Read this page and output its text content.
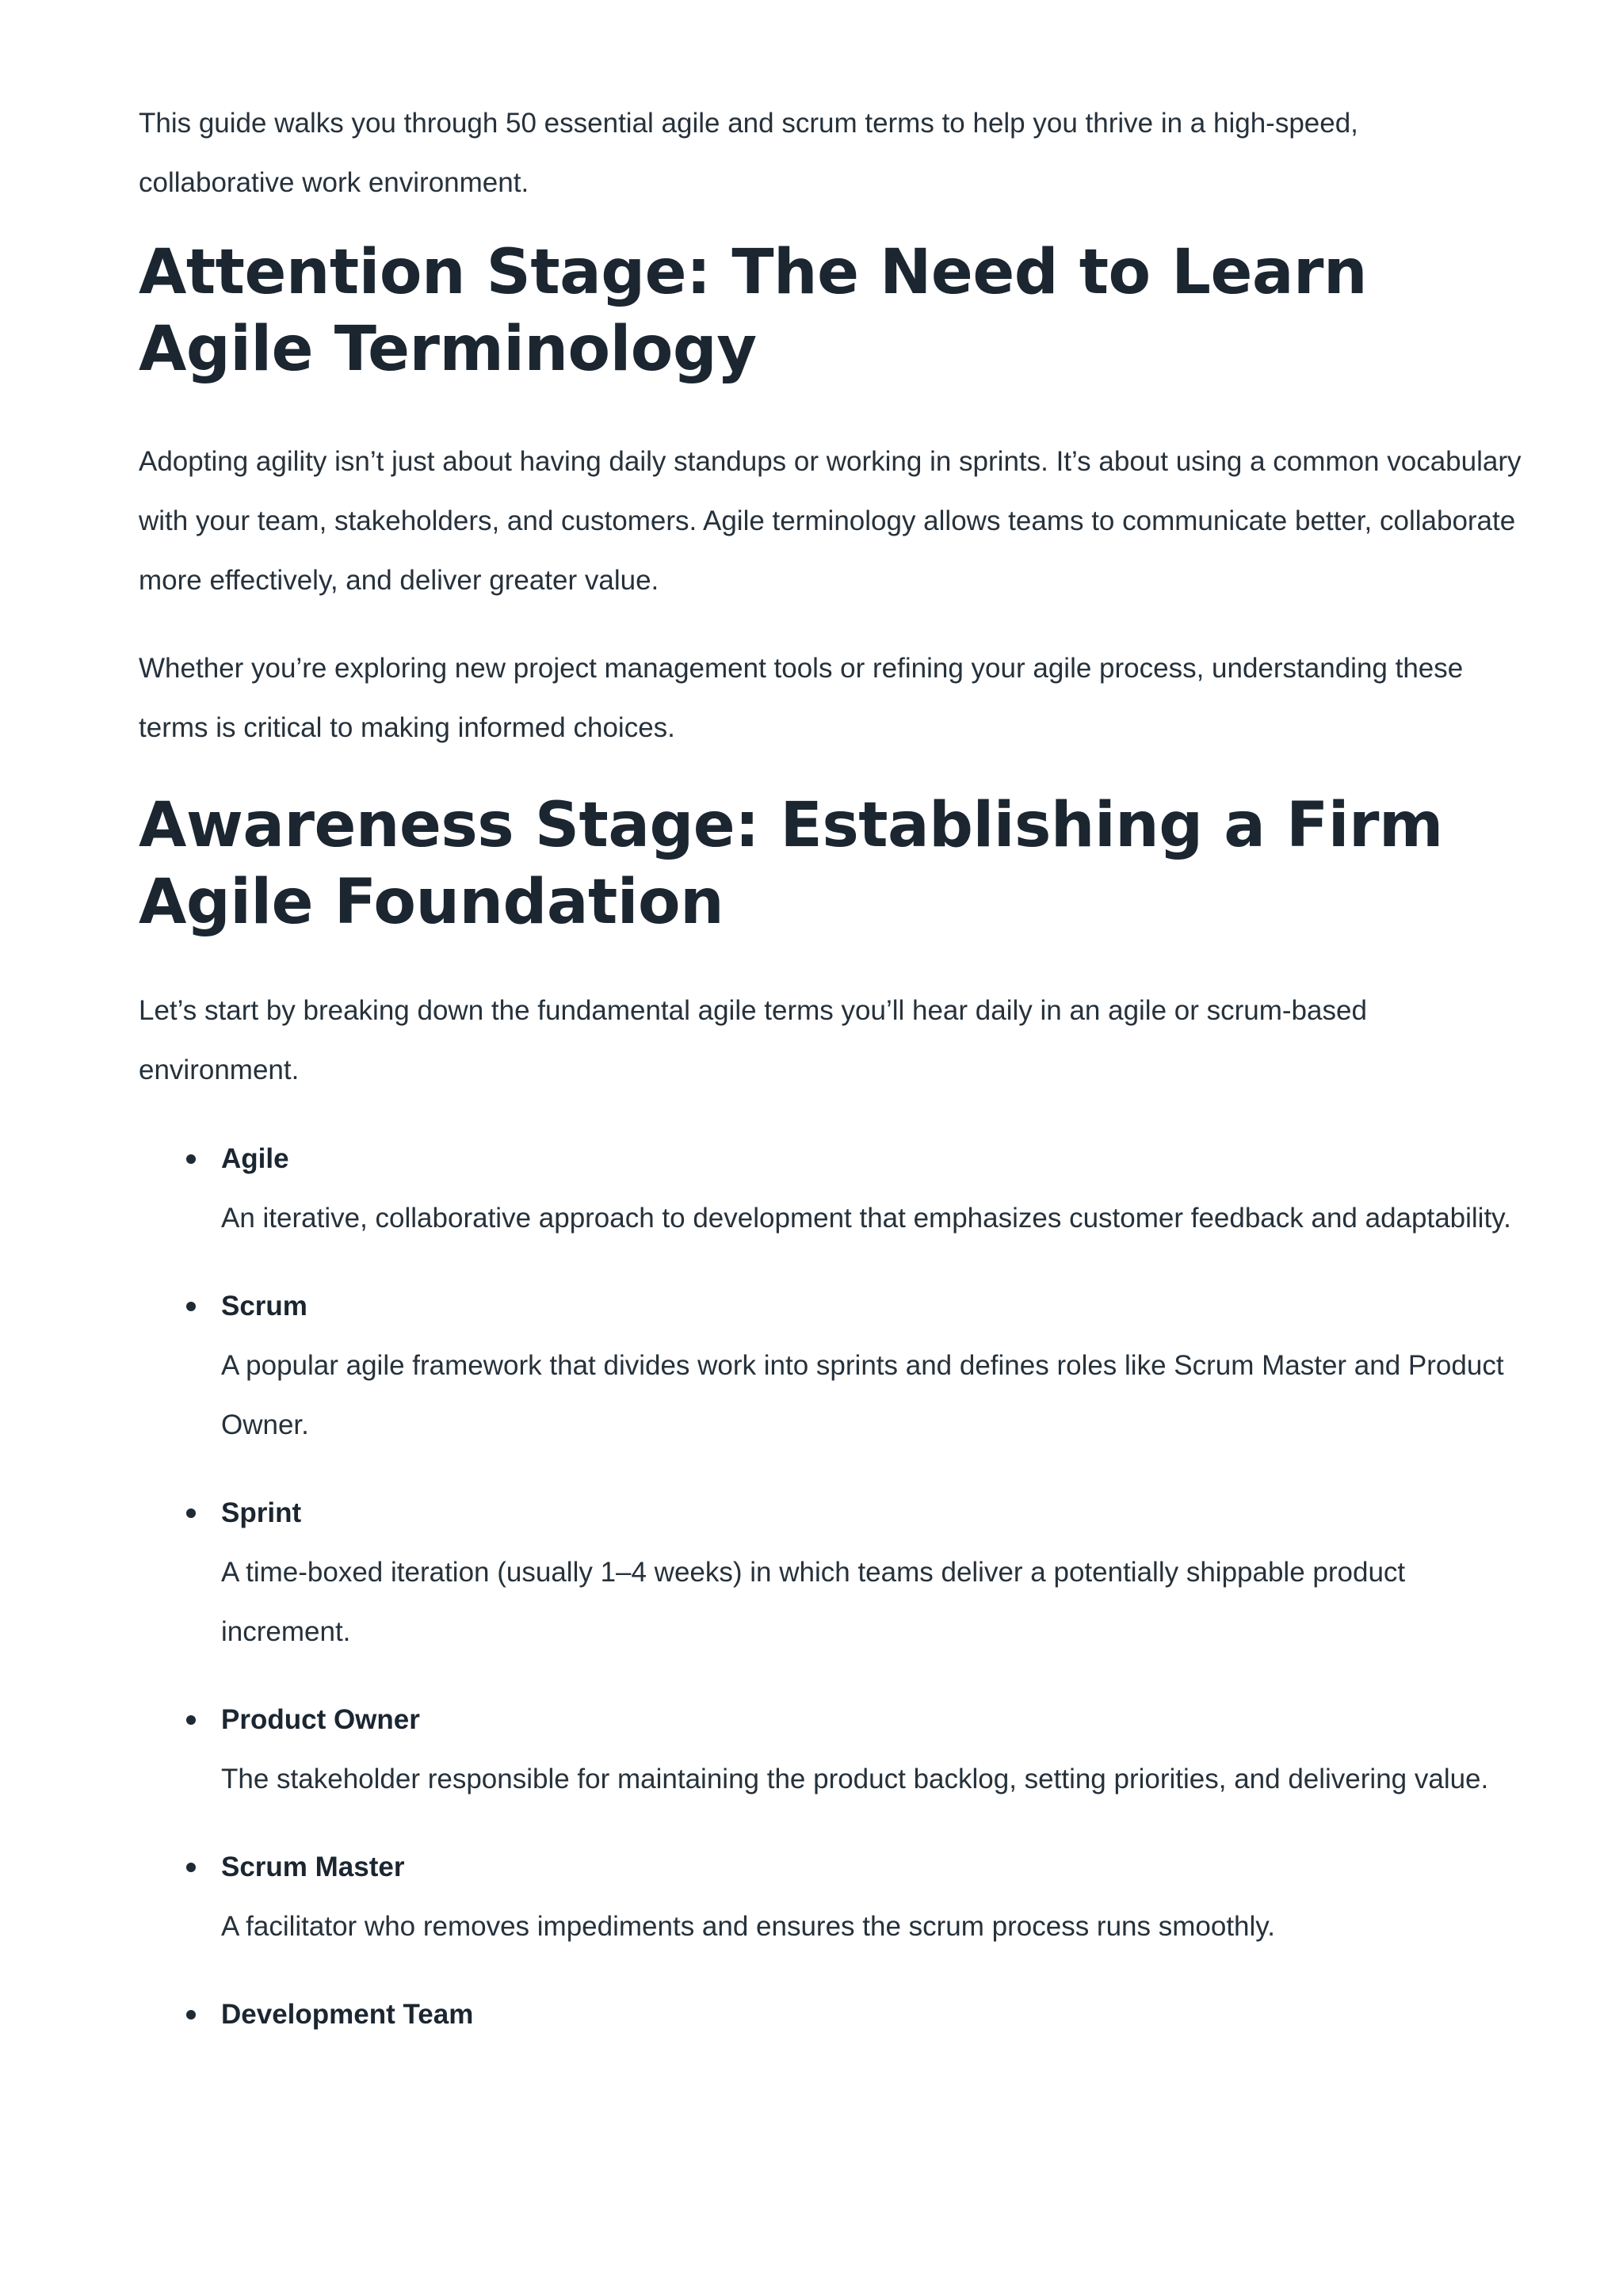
This guide walks you through 50 essential agile and scrum terms to help you thrive in a high-speed, collaborative work environment.

Attention Stage: The Need to Learn Agile Terminology

Adopting agility isn’t just about having daily standups or working in sprints. It’s about using a common vocabulary with your team, stakeholders, and customers. Agile terminology allows teams to communicate better, collaborate more effectively, and deliver greater value.

Whether you’re exploring new project management tools or refining your agile process, understanding these terms is critical to making informed choices.

Awareness Stage: Establishing a Firm Agile Foundation

Let’s start by breaking down the fundamental agile terms you’ll hear daily in an agile or scrum-based environment.

Agile
An iterative, collaborative approach to development that emphasizes customer feedback and adaptability.
Scrum
A popular agile framework that divides work into sprints and defines roles like Scrum Master and Product Owner.
Sprint
A time-boxed iteration (usually 1–4 weeks) in which teams deliver a potentially shippable product increment.
Product Owner
The stakeholder responsible for maintaining the product backlog, setting priorities, and delivering value.
Scrum Master
A facilitator who removes impediments and ensures the scrum process runs smoothly.
Development Team
